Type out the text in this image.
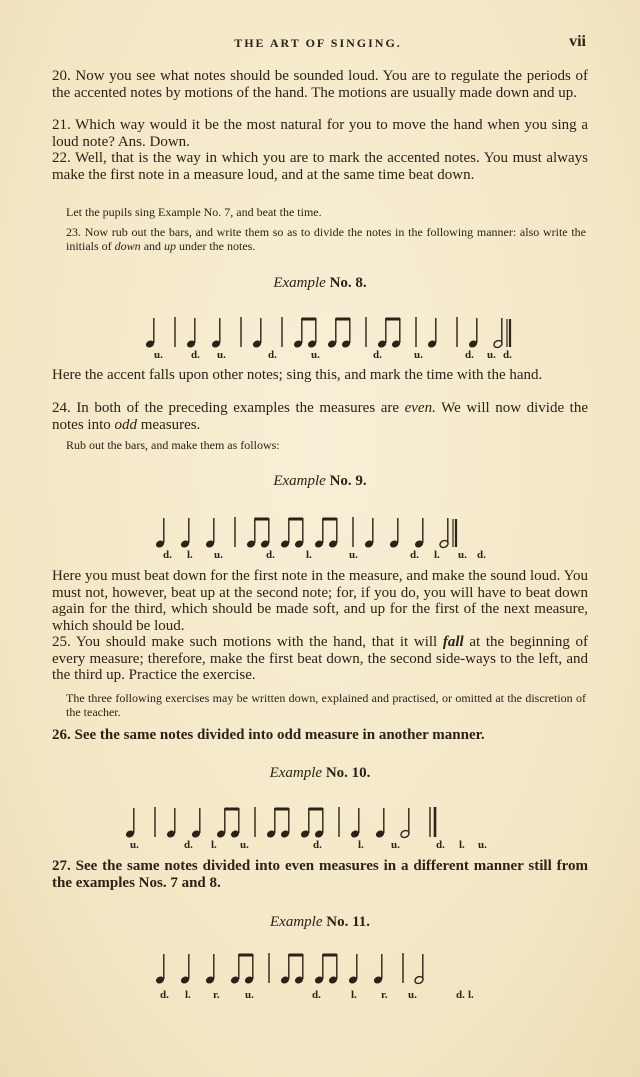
THE ART OF SINGING.	vii

20. Now you see what notes should be sounded loud. You are to regulate the periods of the accented notes by motions of the hand. The motions are usually made down and up.

21. Which way would it be the most natural for you to move the hand when you sing a loud note? Ans. Down.

22. Well, that is the way in which you are to mark the accented notes. You must always make the first note in a measure loud, and at the same time beat down.

Let the pupils sing Example No. 7, and beat the time.

23. Now rub out the bars, and write them so as to divide the notes in the following manner: also write the initials of down and up under the notes.

Example No. 8.
u.	d. u.	d.	u.	d.	u.	d. u. d.

Here the accent falls upon other notes; sing this, and mark the time with the hand.

24. In both of the preceding examples the measures are even. We will now divide the notes into odd measures.

Rub out the bars, and make them as follows:

Example No. 9.
d. l. u.	d.	l.	u.	d. l. u. d.

Here you must beat down for the first note in the measure, and make the sound loud. You must not, however, beat up at the second note; for, if you do, you will have to beat down again for the third, which should be made soft, and up for the first of the next measure, which should be loud.

25. You should make such motions with the hand, that it will fall at the beginning of every measure; therefore, make the first beat down, the second side-ways to the left, and the third up. Practice the exercise.

The three following exercises may be written down, explained and practised, or omitted at the discretion of the teacher.

26. See the same notes divided into odd measure in another manner.

Example No. 10.
u.	d. l. u.	d.	l. u.	d. l. u.

27. See the same notes divided into even measures in a different manner still from the examples Nos. 7 and 8.

Example No. 11.
d. l. r. u.	d.	l. r. u.	d. l.
